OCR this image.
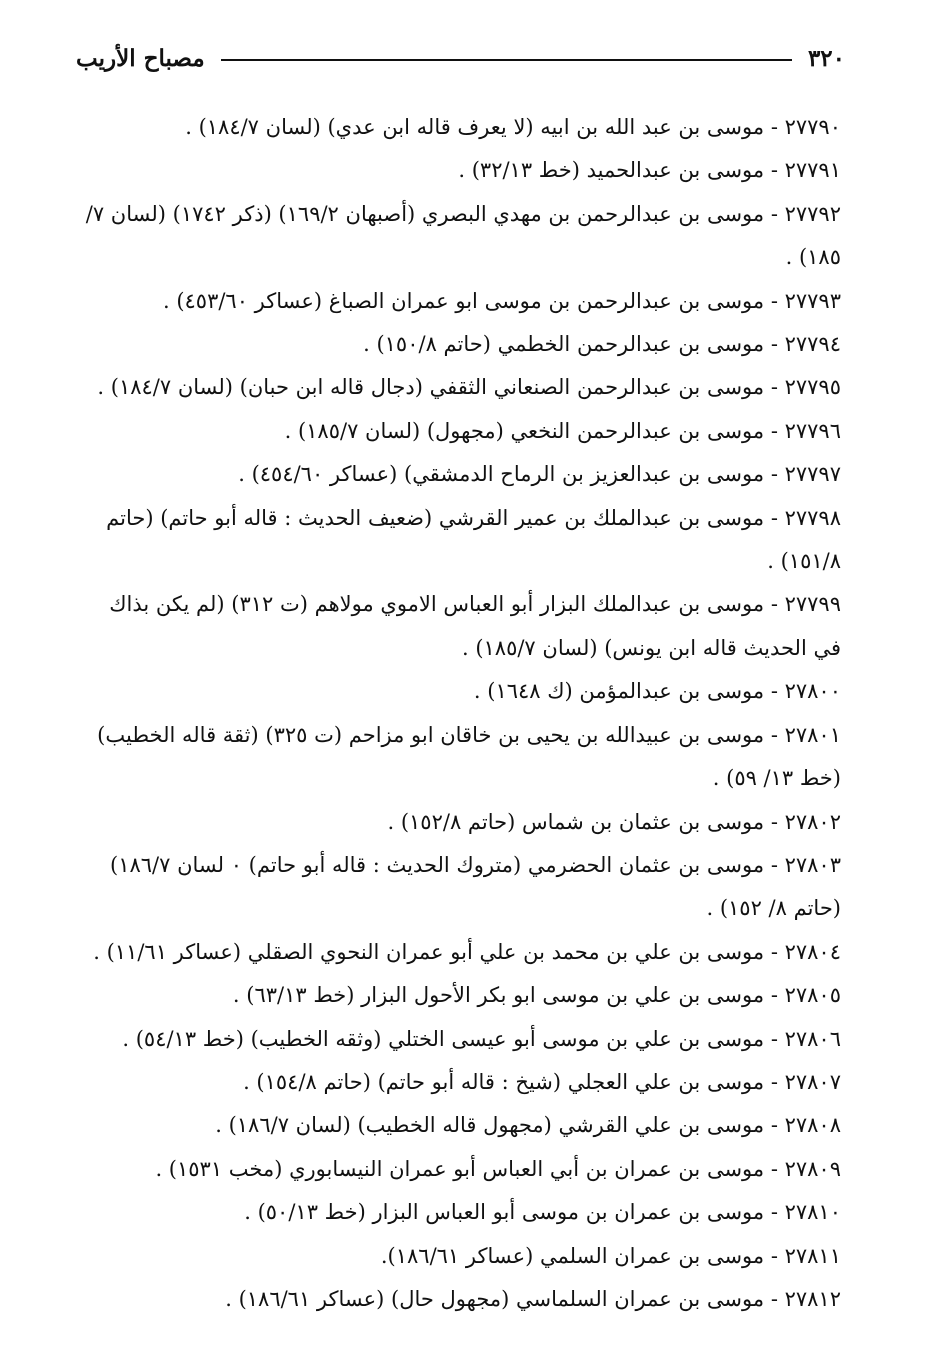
٣٢٠
مصباح الأريب

٢٧٧٩٠ - موسى بن عبد الله بن ابيه (لا يعرف قاله ابن عدي) (لسان ١٨٤/٧) .

٢٧٧٩١ - موسى بن عبدالحميد (خط ٣٢/١٣) .

٢٧٧٩٢ - موسى بن عبدالرحمن بن مهدي البصري (أصبهان ١٦٩/٢) (ذكر ١٧٤٢) (لسان ٧/ ١٨٥) .

٢٧٧٩٣ - موسى بن عبدالرحمن بن موسى ابو عمران الصباغ (عساكر ٤٥٣/٦٠) .

٢٧٧٩٤ - موسى بن عبدالرحمن الخطمي (حاتم ١٥٠/٨) .

٢٧٧٩٥ - موسى بن عبدالرحمن الصنعاني الثقفي (دجال قاله ابن حبان) (لسان ١٨٤/٧) .

٢٧٧٩٦ - موسى بن عبدالرحمن النخعي (مجهول) (لسان ١٨٥/٧) .

٢٧٧٩٧ - موسى بن عبدالعزيز بن الرماح الدمشقي) (عساكر ٤٥٤/٦٠) .

٢٧٧٩٨ - موسى بن عبدالملك بن عمير القرشي (ضعيف الحديث : قاله أبو حاتم) (حاتم ١٥١/٨) .

٢٧٧٩٩ - موسى بن عبدالملك البزار أبو العباس الاموي مولاهم (ت ٣١٢) (لم يكن بذاك في الحديث قاله ابن يونس) (لسان ١٨٥/٧) .

٢٧٨٠٠ - موسى بن عبدالمؤمن (ك ١٦٤٨) .

٢٧٨٠١ - موسى بن عبيدالله بن يحيى بن خاقان ابو مزاحم (ت ٣٢٥) (ثقة قاله الخطيب) (خط ١٣/ ٥٩) .

٢٧٨٠٢ - موسى بن عثمان بن شماس (حاتم ١٥٢/٨) .

٢٧٨٠٣ - موسى بن عثمان الحضرمي (متروك الحديث : قاله أبو حاتم) ٠ لسان ١٨٦/٧) (حاتم ٨/ ١٥٢) .

٢٧٨٠٤ - موسى بن علي بن محمد بن علي أبو عمران النحوي الصقلي (عساكر ١١/٦١) .

٢٧٨٠٥ - موسى بن علي بن موسى ابو بكر الأحول البزار (خط ٦٣/١٣) .

٢٧٨٠٦ - موسى بن علي بن موسى أبو عيسى الختلي (وثقه الخطيب) (خط ٥٤/١٣) .

٢٧٨٠٧ - موسى بن علي العجلي (شيخ : قاله أبو حاتم) (حاتم ١٥٤/٨) .

٢٧٨٠٨ - موسى بن علي القرشي (مجهول قاله الخطيب) (لسان ١٨٦/٧) .

٢٧٨٠٩ - موسى بن عمران بن أبي العباس أبو عمران النيسابوري (مخب ١٥٣١) .

٢٧٨١٠ - موسى بن عمران بن موسى أبو العباس البزار (خط ٥٠/١٣) .

٢٧٨١١ - موسى بن عمران السلمي (عساكر ١٨٦/٦١).

٢٧٨١٢ - موسى بن عمران السلماسي (مجهول حال) (عساكر ١٨٦/٦١) .
